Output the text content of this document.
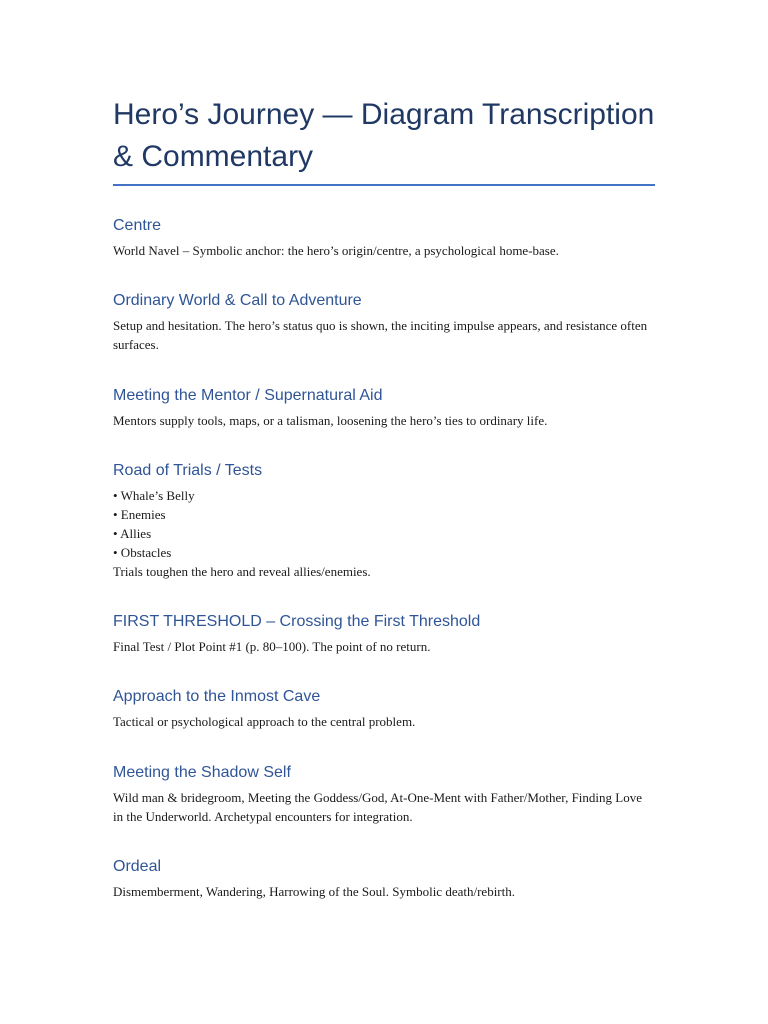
Hero’s Journey — Diagram Transcription & Commentary
Centre

World Navel – Symbolic anchor: the hero’s origin/centre, a psychological home-base.

Ordinary World & Call to Adventure

Setup and hesitation. The hero’s status quo is shown, the inciting impulse appears, and resistance often surfaces.

Meeting the Mentor / Supernatural Aid

Mentors supply tools, maps, or a talisman, loosening the hero’s ties to ordinary life.

Road of Trials / Tests
• Whale’s Belly
• Enemies
• Allies
• Obstacles

Trials toughen the hero and reveal allies/enemies.

FIRST THRESHOLD – Crossing the First Threshold

Final Test / Plot Point #1 (p. 80–100). The point of no return.

Approach to the Inmost Cave

Tactical or psychological approach to the central problem.

Meeting the Shadow Self

Wild man & bridegroom, Meeting the Goddess/God, At-One-Ment with Father/Mother, Finding Love in the Underworld. Archetypal encounters for integration.

Ordeal

Dismemberment, Wandering, Harrowing of the Soul. Symbolic death/rebirth.
